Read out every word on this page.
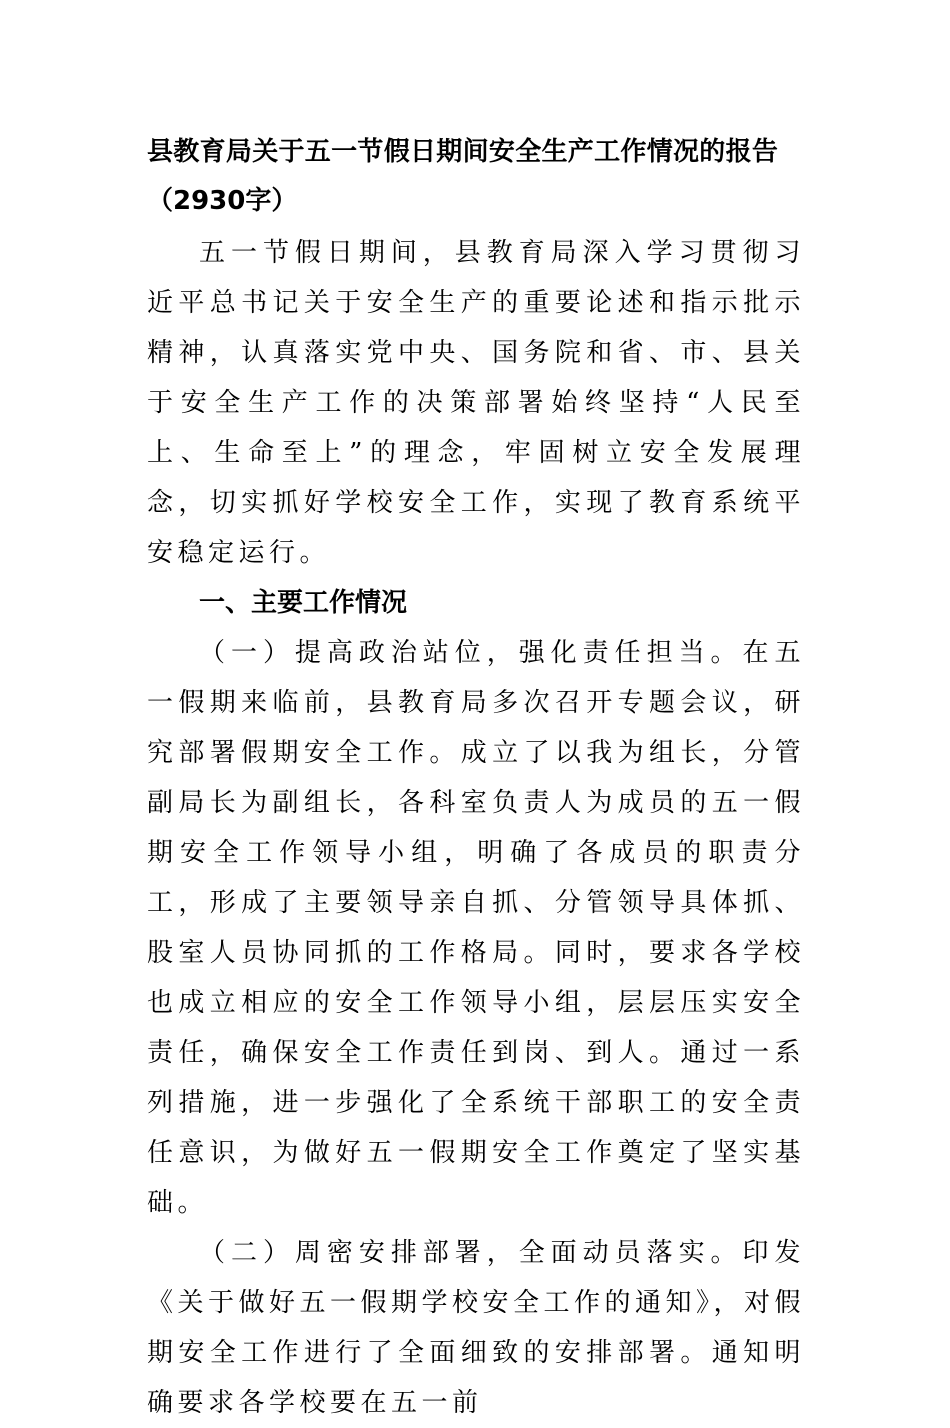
县教育局关于五一节假日期间安全生产工作情况的报告
（2930字）

五一节假日期间，县教育局深入学习贯彻习近平总书记关于安全生产的重要论述和指示批示精神，认真落实党中央、国务院和省、市、县关于安全生产工作的决策部署始终坚持“人民至上、生命至上”的理念，牢固树立安全发展理念，切实抓好学校安全工作，实现了教育系统平安稳定运行。

一、主要工作情况

（一）提高政治站位，强化责任担当。在五一假期来临前，县教育局多次召开专题会议，研究部署假期安全工作。成立了以我为组长，分管副局长为副组长，各科室负责人为成员的五一假期安全工作领导小组，明确了各成员的职责分工，形成了主要领导亲自抓、分管领导具体抓、股室人员协同抓的工作格局。同时，要求各学校也成立相应的安全工作领导小组，层层压实安全责任，确保安全工作责任到岗、到人。通过一系列措施，进一步强化了全系统干部职工的安全责任意识，为做好五一假期安全工作奠定了坚实基础。

（二）周密安排部署，全面动员落实。印发《关于做好五一假期学校安全工作的通知》，对假期安全工作进行了全面细致的安排部署。通知明确要求各学校要在五一前
